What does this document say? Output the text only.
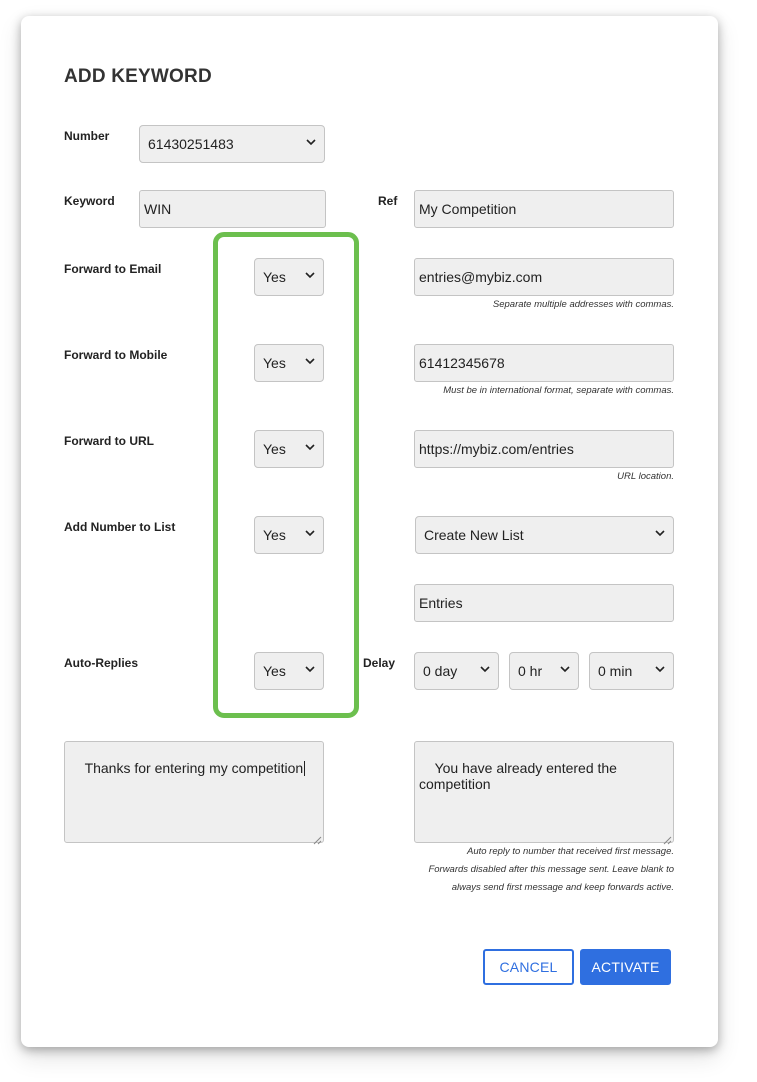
ADD KEYWORD
Number	61430251483
Keyword WIN	Ref My Competition
Forward to Email	Yes	entries@mybiz.com
Separate multiple addresses with commas.
Forward to Mobile	Yes	61412345678
Must be in international format, separate with commas.
Forward to URL	Yes	https://mybiz.com/entries
URL location.
Add Number to List	Yes	Create New List
Entries
Auto-Replies	Yes	Delay 0 day	0 hr	0 min

Thanks for entering my competition

	You have already entered the competition

Auto reply to number that received first message.
Forwards disabled after this message sent. Leave blank to
always send first message and keep forwards active.
CANCEL	ACTIVATE
